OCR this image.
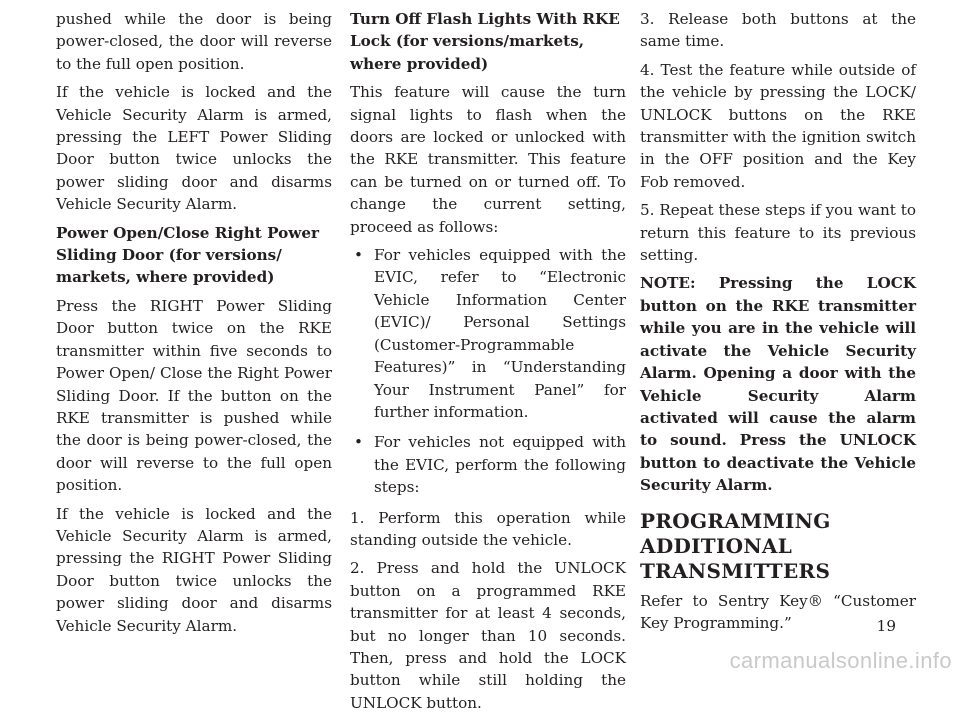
pushed while the door is being power-closed, the door will reverse to the full open position.

If the vehicle is locked and the Vehicle Security Alarm is armed, pressing the LEFT Power Sliding Door button twice unlocks the power sliding door and disarms Vehicle Security Alarm.

Power Open/Close Right Power Sliding Door (for versions/ markets, where provided)

Press the RIGHT Power Sliding Door button twice on the RKE transmitter within five seconds to Power Open/ Close the Right Power Sliding Door. If the button on the RKE transmitter is pushed while the door is being power-closed, the door will reverse to the full open position.

If the vehicle is locked and the Vehicle Security Alarm is armed, pressing the RIGHT Power Sliding Door button twice unlocks the power sliding door and disarms Vehicle Security Alarm.

Turn Off Flash Lights With RKE Lock (for versions/markets, where provided)

This feature will cause the turn signal lights to flash when the doors are locked or unlocked with the RKE transmitter. This feature can be turned on or turned off. To change the current setting, proceed as follows:

• For vehicles equipped with the EVIC, refer to “Electronic Vehicle Information Center (EVIC)/ Personal Settings (Customer-Programmable Features)” in “Understanding Your Instrument Panel” for further information.
• For vehicles not equipped with the EVIC, perform the following steps:

1. Perform this operation while standing outside the vehicle.

2. Press and hold the UNLOCK button on a programmed RKE transmitter for at least 4 seconds, but no longer than 10 seconds. Then, press and hold the LOCK button while still holding the UNLOCK button.

3. Release both buttons at the same time.

4. Test the feature while outside of the vehicle by pressing the LOCK/ UNLOCK buttons on the RKE transmitter with the ignition switch in the OFF position and the Key Fob removed.

5. Repeat these steps if you want to return this feature to its previous setting.

NOTE: Pressing the LOCK button on the RKE transmitter while you are in the vehicle will activate the Vehicle Security Alarm. Opening a door with the Vehicle Security Alarm activated will cause the alarm to sound. Press the UNLOCK button to deactivate the Vehicle Security Alarm.

PROGRAMMING ADDITIONAL TRANSMITTERS

Refer to Sentry Key® “Customer Key Programming.”	19
carmanualsonline.info
